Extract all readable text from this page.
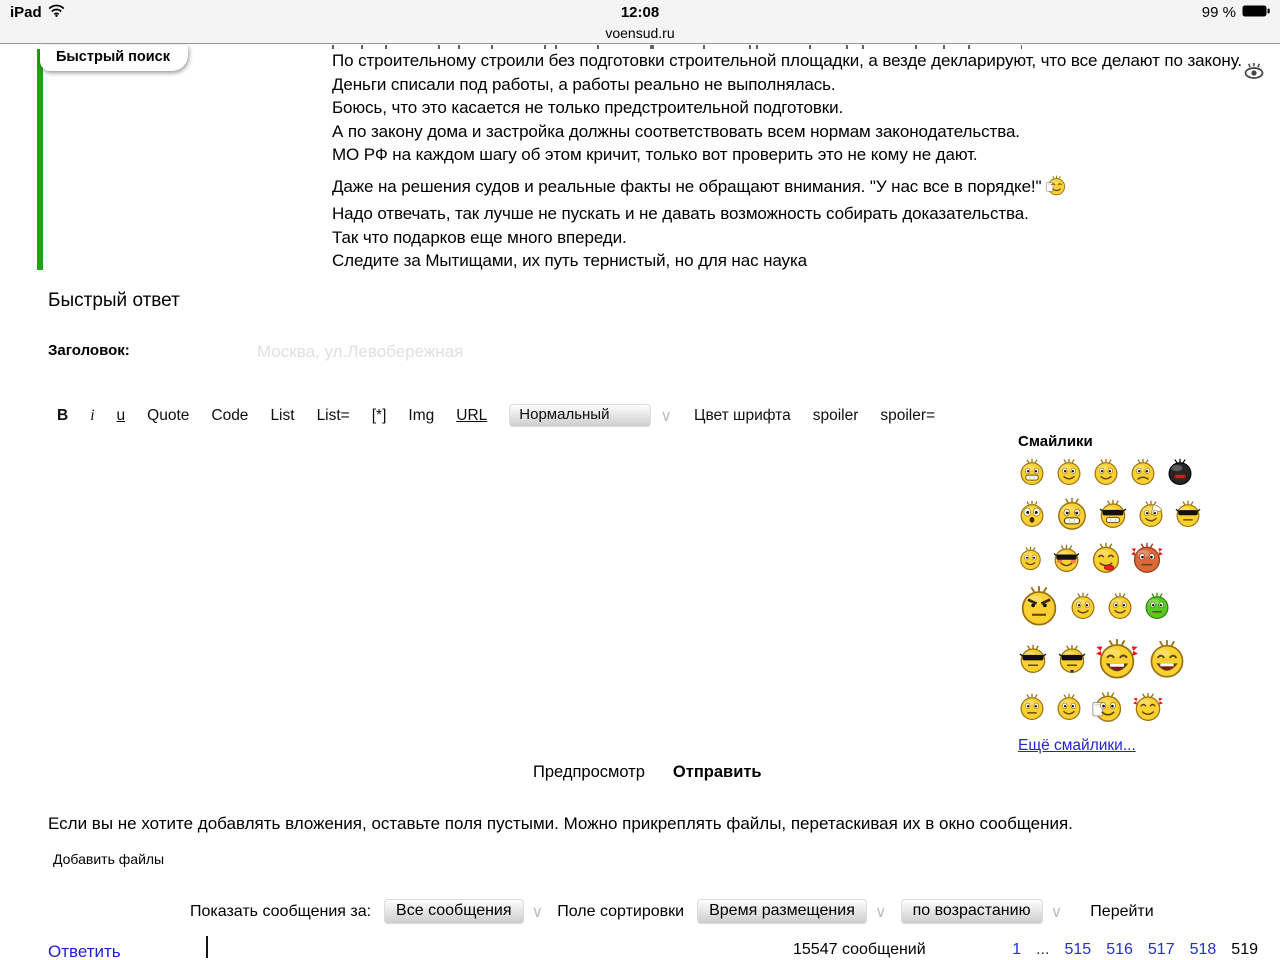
iPad	12:08
voensud.ru
99 %
Быстрый поиск	По строительному строили без подготовки строительной площадки, а везде декларируют, что все делают по закону.
Деньги списали под работы, а работы реально не выполнялась.
Боюсь, что это касается не только предстроительной подготовки.
А по закону дома и застройка должны соответствовать всем нормам законодательства.
МО РФ на каждом шагу об этом кричит, только вот проверить это не кому не дают.
Даже на решения судов и реальные факты не обращают внимания. "У нас все в порядке!"
Надо отвечать, так лучше не пускать и не давать возможность собирать доказательства.
Так что подарков еще много впереди.
Следите за Мытищами, их путь тернистый, но для нас наука
Быстрый ответ
Заголовок:
Москва, ул.Левобережная
B i u Quote Code List List= [*] Img URL	Нормальный	∨ Цвет шрифта spoiler spoiler=
Смайлики
Ещё смайлики...
Предпросмотр Отправить
Если вы не хотите добавлять вложения, оставьте поля пустыми. Можно прикреплять файлы, перетаскивая их в окно сообщения.
Добавить файлы
Показать сообщения за:	Все сообщения	∨ Поле сортировки	Время размещения	∨	по возрастанию	∨ Перейти
Ответить	15547 сообщений	1 ... 515 516 517 518 519
